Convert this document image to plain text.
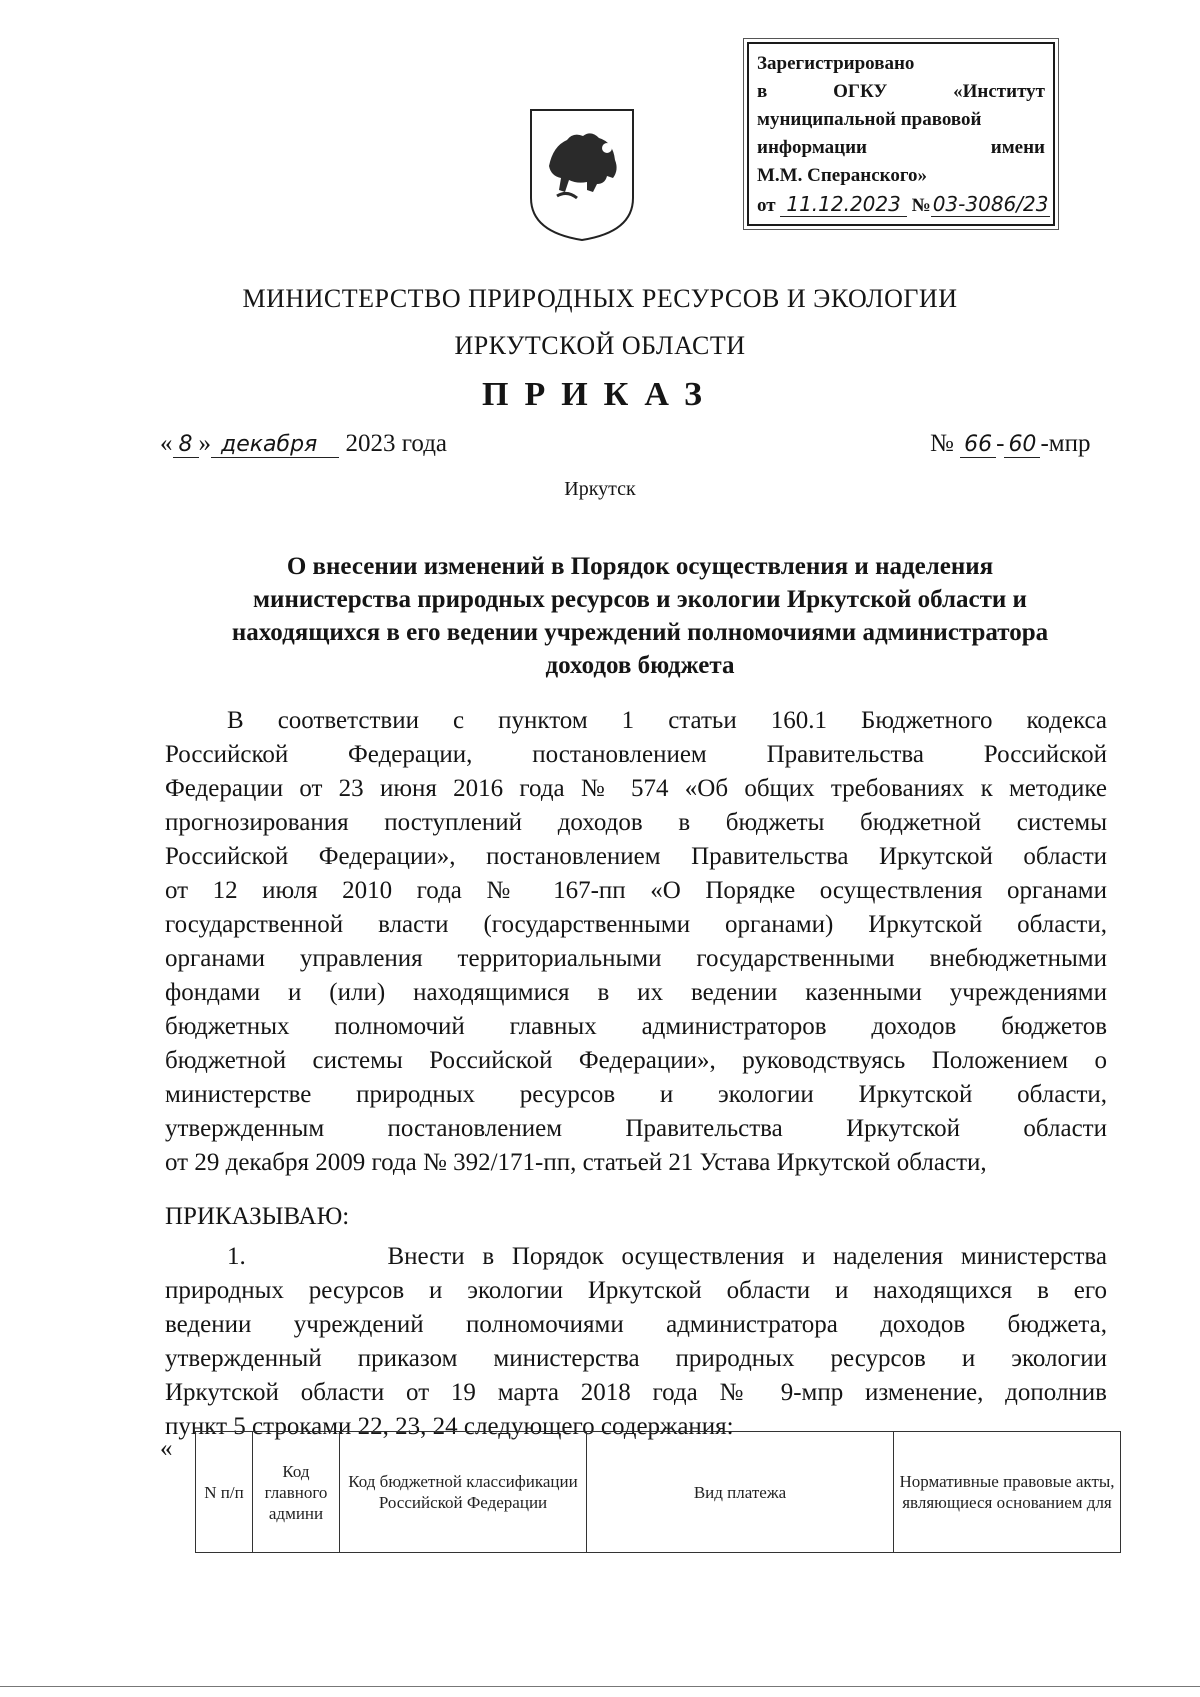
Зарегистрировано
в	ОГКУ	«Институт
муниципальной правовой
информации	имени
М.М. Сперанского»
от 11.12.2023 № 03-3086/23
МИНИСТЕРСТВО ПРИРОДНЫХ РЕСУРСОВ И ЭКОЛОГИИ
ИРКУТСКОЙ ОБЛАСТИ
ПРИКАЗ
« 8 » декабря 2023 года	№ 66 - 60 -мпр
Иркутск
О внесении изменений в Порядок осуществления и наделения
министерства природных ресурсов и экологии Иркутской области и
находящихся в его ведении учреждений полномочиями администратора
доходов бюджета
В соответствии с пунктом 1 статьи 160.1 Бюджетного кодекса
Российской Федерации, постановлением Правительства Российской
Федерации от 23 июня 2016 года № 574 «Об общих требованиях к методике
прогнозирования поступлений доходов в бюджеты бюджетной системы
Российской Федерации», постановлением Правительства Иркутской области
от 12 июля 2010 года № 167-пп «О Порядке осуществления органами
государственной власти (государственными органами) Иркутской области,
органами управления территориальными государственными внебюджетными
фондами и (или) находящимися в их ведении казенными учреждениями
бюджетных полномочий главных администраторов доходов бюджетов
бюджетной системы Российской Федерации», руководствуясь Положением о
министерстве природных ресурсов и экологии Иркутской области,
утвержденным постановлением Правительства Иркутской области
от 29 декабря 2009 года № 392/171-пп, статьей 21 Устава Иркутской области,
ПРИКАЗЫВАЮ:
1.        Внести в Порядок осуществления и наделения министерства
природных ресурсов и экологии Иркутской области и находящихся в его
ведении учреждений полномочиями администратора доходов бюджета,
утвержденный приказом министерства природных ресурсов и экологии
Иркутской области от 19 марта 2018 года № 9-мпр изменение, дополнив
пункт 5 строками 22, 23, 24 следующего содержания:
«
N п/п	Код главного админи	Код бюджетной классификации Российской Федерации	Вид платежа	Нормативные правовые акты, являющиеся основанием для
